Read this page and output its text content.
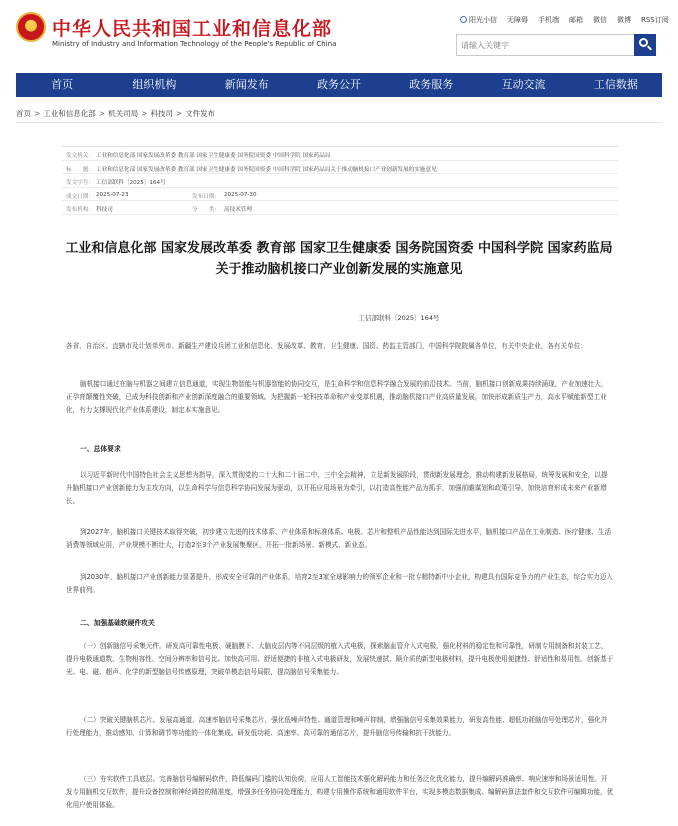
★ 中华人民共和国工业和信息化部
Ministry of Industry and Information Technology of the People's Republic of China
阳光小信 无障碍 手机端 邮箱 微信 微博 RSS订阅
请输入关键字
首页	组织机构	新闻发布	政务公开	政务服务	互动交流	工信数据
首页 > 工业和信息化部 > 机关司局 > 科技司 > 文件发布
发文机关： 工业和信息化部 国家发展改革委 教育部 国家卫生健康委 国务院国资委 中国科学院 国家药品局
标　　题： 工业和信息化部 国家发展改革委 教育部 国家卫生健康委 国务院国资委 中国科学院 国家药品局关于推动脑机接口产业创新发展的实施意见
发文字号： 工信部联科〔2025〕164号
成文日期： 2025-07-23	发布日期： 2025-07-30
发布机构： 科技司	分　　类： 高技术管理
工业和信息化部 国家发展改革委 教育部 国家卫生健康委 国务院国资委 中国科学院 国家药监局关于推动脑机接口产业创新发展的实施意见
工信部联科〔2025〕164号
各省、自治区、直辖市及计划单列市、新疆生产建设兵团工业和信息化、发展改革、教育、卫生健康、国资、药监主管部门，中国科学院院属各单位，有关中央企业，各有关单位：
脑机接口通过在脑与机器之间建立信息通道，实现生物智能与机器智能的协同交互，是生命科学和信息科学融合发展的前沿技术。当前，脑机接口创新成果持续涌现，产业加速壮大，正孕育颠覆性突破，已成为科技创新和产业创新深度融合的重要领域。为把握新一轮科技革命和产业变革机遇，推动脑机接口产业高质量发展，加快形成新质生产力，高水平赋能新型工业化，有力支撑现代化产业体系建设，制定本实施意见。
一、总体要求
以习近平新时代中国特色社会主义思想为指导，深入贯彻党的二十大和二十届二中、三中全会精神，立足新发展阶段，贯彻新发展理念，推动构建新发展格局，统筹发展和安全，以提升脑机接口产业创新能力为主攻方向，以生命科学与信息科学协同发展为驱动，以开拓应用场景为牵引，以打造高性能产品为抓手，加强前瞻谋划和政策引导，加快培育形成未来产业新增长。
到2027年，脑机接口关键技术取得突破，初步建立先进的技术体系、产业体系和标准体系。电极、芯片和整机产品性能达到国际先进水平，脑机接口产品在工业制造、医疗健康、生活消费等领域应用，产业规模不断壮大，打造2至3个产业发展集聚区，开拓一批新场景、新模式、新业态。
到2030年，脑机接口产业创新能力显著提升，形成安全可靠的产业体系，培育2至3家全球影响力的领军企业和一批专精特新中小企业，构建具有国际竞争力的产业生态，综合实力迈入世界前列。
二、加强基础软硬件攻关
（一）创新脑信号采集元件。研发高可靠性电极、硬脑膜下、大脑皮层内等不同层级的植入式电极，探索脑血管介入式电极，强化材料的稳定性和可靠性，研制专用制备和封装工艺，提升电极通道数、生物相容性、空间分辨率和信号比。加快高可用、舒适便捷的非植入式电极研发，发展快速拭、隔介质的新型电极材料，提升电极使用便捷性、舒适性和易用性。创新基于光、电、磁、超声、化学的新型脑信号传感原理，突破单模态信号局限，提高脑信号采集能力。
（二）突破关键脑机芯片。发展高通道、高速率脑信号采集芯片，强化低噪声特性、通道管理和噪声抑制，增强脑信号采集效果能力，研发高性能、超低功耗脑信号处理芯片，强化并行处理能力，推动感知、计算和调节等功能的一体化集成。研发低功耗、高速率、高可靠的通信芯片，提升脑信号传输和抗干扰能力。
（三）夯实软件工具底层。完善脑信号编解码软件，降低编码门槛的认知负荷，应用人工智能技术强化解码能力和任务泛化优化能力，提升编解码准确率、响应速率和场景适用性。开发专用脑机交互软件，提升设备控制和神经调控的精准度，增强多任务协同处理能力，构建专用操作系统和通用软件平台，实现多模态数据集成、编解码算法套件和交互软件可编辑功能，优化用户使用体验。
